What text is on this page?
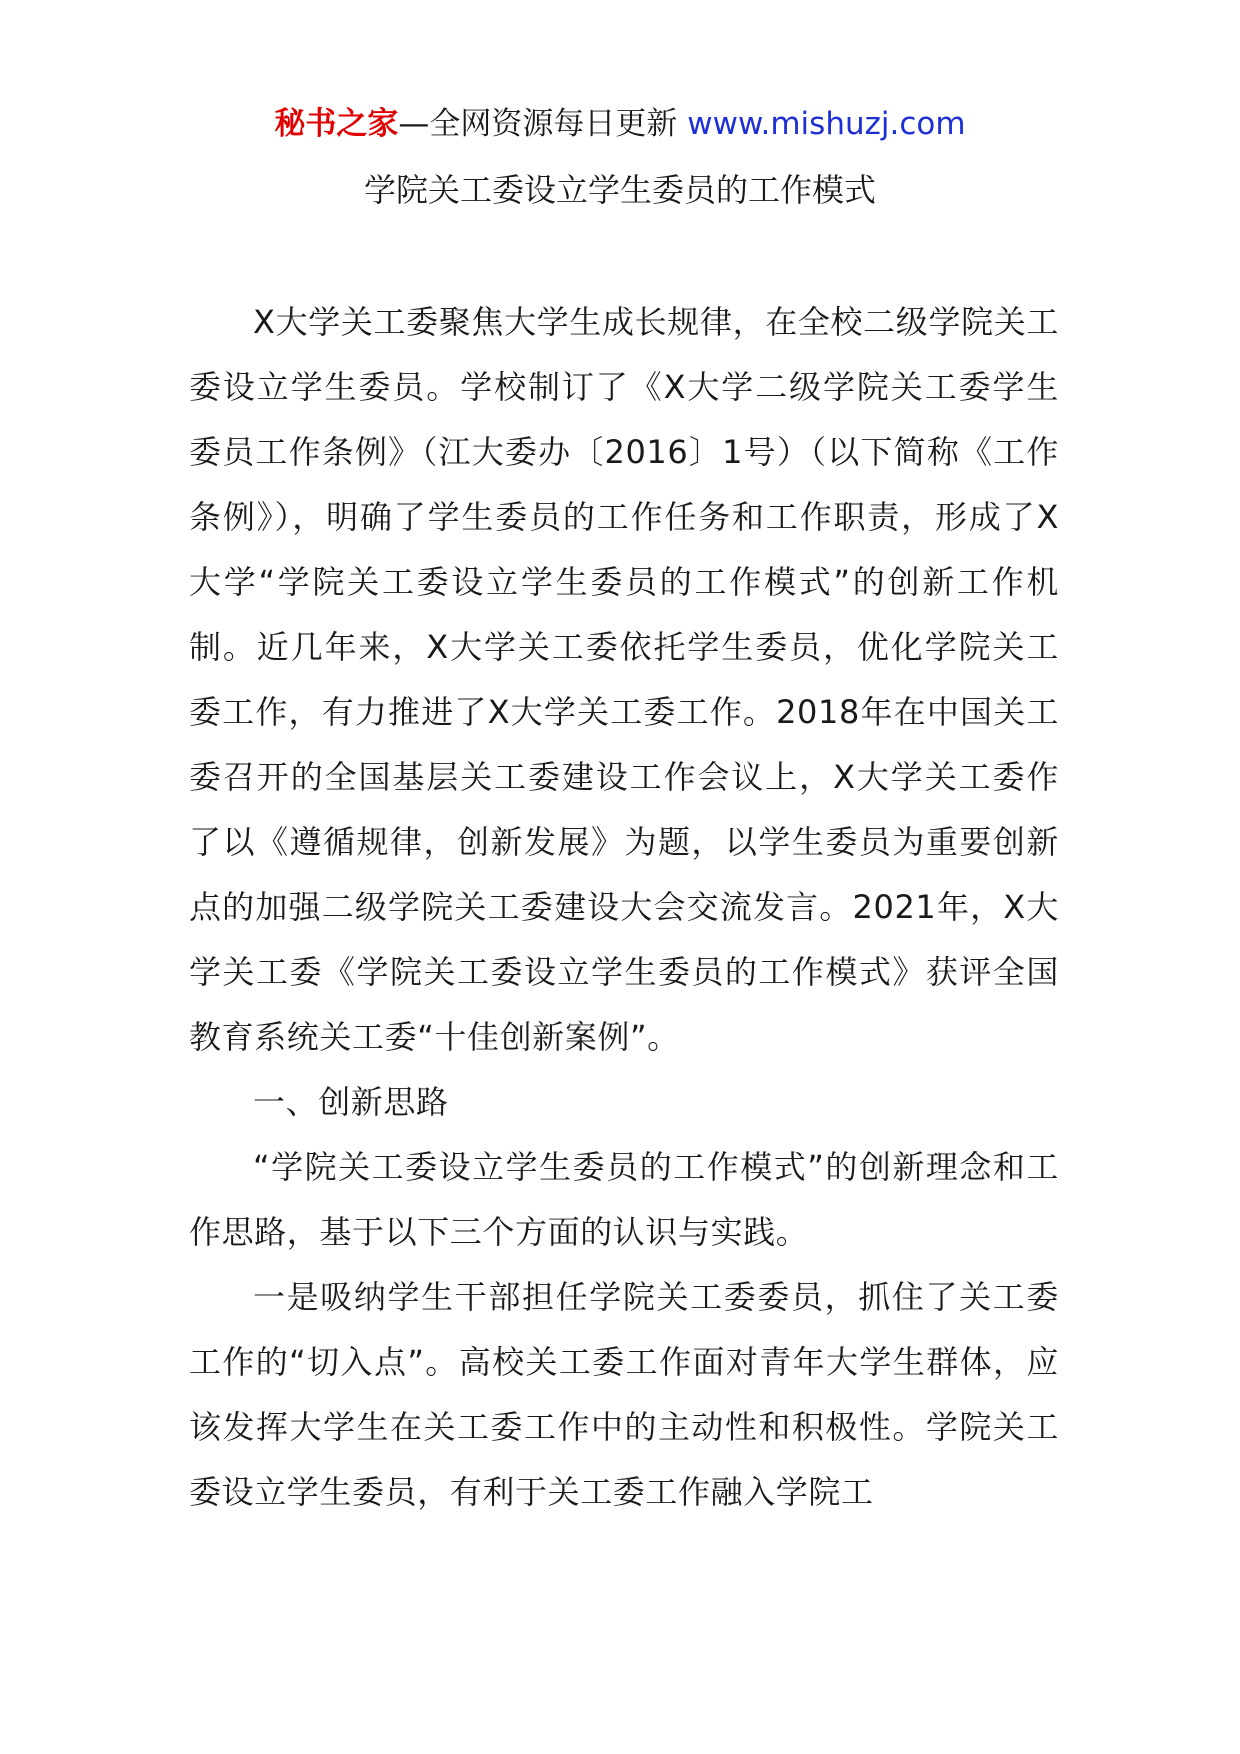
秘书之家—全网资源每日更新 www.mishuzj.com
学院关工委设立学生委员的工作模式

X大学关工委聚焦大学生成长规律，在全校二级学院关工委设立学生委员。学校制订了《X大学二级学院关工委学生委员工作条例》（江大委办〔2016〕1号）（以下简称《工作条例》），明确了学生委员的工作任务和工作职责，形成了X大学“学院关工委设立学生委员的工作模式”的创新工作机制。近几年来，X大学关工委依托学生委员，优化学院关工委工作，有力推进了X大学关工委工作。2018年在中国关工委召开的全国基层关工委建设工作会议上，X大学关工委作了以《遵循规律，创新发展》为题，以学生委员为重要创新点的加强二级学院关工委建设大会交流发言。2021年，X大学关工委《学院关工委设立学生委员的工作模式》获评全国教育系统关工委“十佳创新案例”。

一、创新思路

“学院关工委设立学生委员的工作模式”的创新理念和工作思路，基于以下三个方面的认识与实践。

一是吸纳学生干部担任学院关工委委员，抓住了关工委工作的“切入点”。高校关工委工作面对青年大学生群体，应该发挥大学生在关工委工作中的主动性和积极性。学院关工委设立学生委员，有利于关工委工作融入学院工
